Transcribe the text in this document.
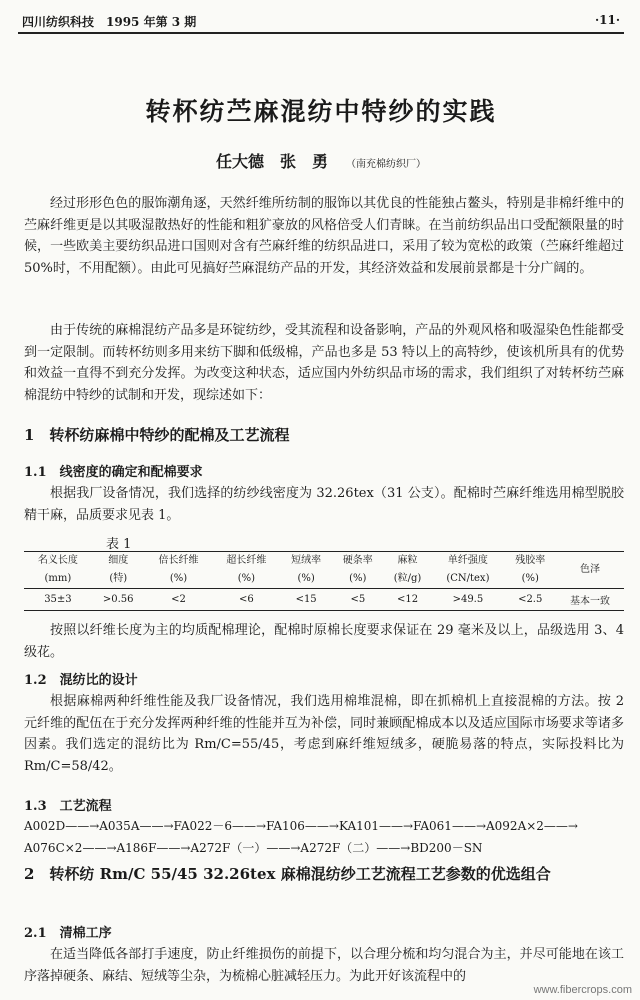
四川纺织科技　1995 年第 3 期	·11·
转杯纺苎麻混纺中特纱的实践
任大德　张　勇 （南充棉纺织厂）

经过形形色色的服饰潮角逐，天然纤维所纺制的服饰以其优良的性能独占鳌头，特别是非棉纤维中的苎麻纤维更是以其吸湿散热好的性能和粗犷豪放的风格倍受人们青睐。在当前纺织品出口受配额限量的时候，一些欧美主要纺织品进口国则对含有苎麻纤维的纺织品进口，采用了较为宽松的政策（苎麻纤维超过 50%时，不用配额）。由此可见搞好苎麻混纺产品的开发，其经济效益和发展前景都是十分广阔的。

由于传统的麻棉混纺产品多是环锭纺纱，受其流程和设备影响，产品的外观风格和吸湿染色性能都受到一定限制。而转杯纺则多用来纺下脚和低级棉，产品也多是 53 特以上的高特纱，使该机所具有的优势和效益一直得不到充分发挥。为改变这种状态，适应国内外纺织品市场的需求，我们组织了对转杯纺苎麻棉混纺中特纱的试制和开发，现综述如下：

1　转杯纺麻棉中特纱的配棉及工艺流程
1.1　线密度的确定和配棉要求

根据我厂设备情况，我们选择的纺纱线密度为 32.26tex（31 公支）。配棉时苎麻纤维选用棉型脱胶精干麻，品质要求见表 1。

表 1
名义长度	细度	倍长纤维	超长纤维	短绒率	硬条率	麻粒	单纤强度	残胶率	色泽
(mm)	(特)	(%)	(%)	(%)	(%)	(粒/g)	(CN/tex)	(%)	
35±3	>0.56	<2	<6	<15	<5	<12	>49.5	<2.5	基本一致

按照以纤维长度为主的均质配棉理论，配棉时原棉长度要求保证在 29 毫米及以上，品级选用 3、4 级花。

1.2　混纺比的设计

根据麻棉两种纤维性能及我厂设备情况，我们选用棉堆混棉，即在抓棉机上直接混棉的方法。按 2 元纤维的配伍在于充分发挥两种纤维的性能并互为补偿，同时兼顾配棉成本以及适应国际市场要求等诸多因素。我们选定的混纺比为 Rm/C=55/45，考虑到麻纤维短绒多，硬脆易落的特点，实际投料比为 Rm/C=58/42。

1.3　工艺流程
A002D——→A035A——→FA022－6——→FA106——→KA101——→FA061——→A092A×2——→
A076C×2——→A186F——→A272F（一）——→A272F（二）——→BD200－SN
2　转杯纺 Rm/C 55/45 32.26tex 麻棉混纺纱工艺流程工艺参数的优选组合
2.1　清棉工序

在适当降低各部打手速度，防止纤维损伤的前提下，以合理分梳和均匀混合为主，并尽可能地在该工序落掉硬条、麻结、短绒等尘杂，为梳棉心脏减轻压力。为此开好该流程中的

www.fibercrops.com
